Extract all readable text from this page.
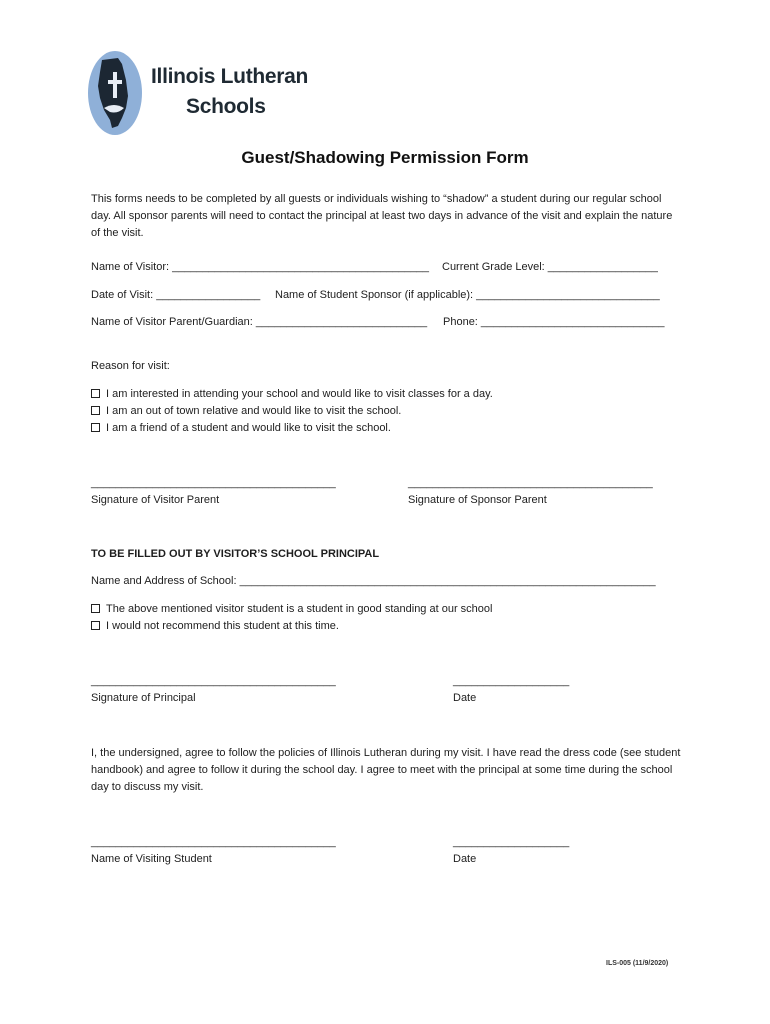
Illinois Lutheran
Schools
Guest/Shadowing Permission Form
This forms needs to be completed by all guests or individuals wishing to “shadow” a student during our regular school day. All sponsor parents will need to contact the principal at least two days in advance of the visit and explain the nature of the visit.
Name of Visitor: __________________________________________ Current Grade Level: __________________
Date of Visit: _________________ Name of Student Sponsor (if applicable): ______________________________
Name of Visitor Parent/Guardian: ____________________________ Phone: ______________________________
Reason for visit:
I am interested in attending your school and would like to visit classes for a day.
I am an out of town relative and would like to visit the school.
I am a friend of a student and would like to visit the school.
________________________________________	________________________________________
Signature of Visitor Parent	Signature of Sponsor Parent
TO BE FILLED OUT BY VISITOR’S SCHOOL PRINCIPAL
Name and Address of School: ____________________________________________________________________
The above mentioned visitor student is a student in good standing at our school
I would not recommend this student at this time.
________________________________________	___________________
Signature of Principal	Date
I, the undersigned, agree to follow the policies of Illinois Lutheran during my visit. I have read the dress code (see student handbook) and agree to follow it during the school day. I agree to meet with the principal at some time during the school day to discuss my visit.
________________________________________	___________________
Name of Visiting Student	Date
ILS-005 (11/9/2020)
